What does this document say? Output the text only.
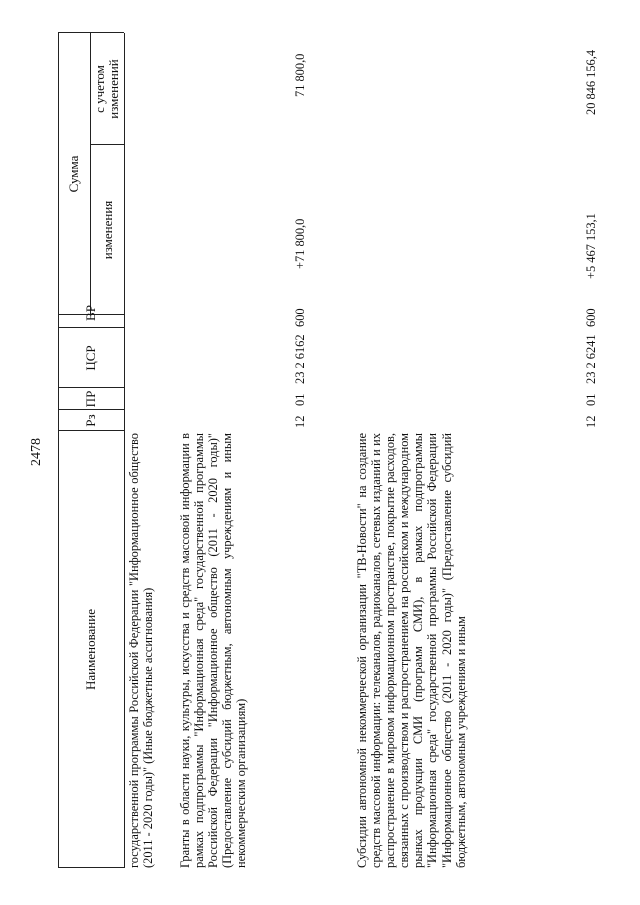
2478
Наименование
Рз
ПР
ЦСР
ВР
Сумма
изменения
с учетом изменений
государственной программы Российской Федерации "Информационное общество (2011 - 2020 годы)" (Иные бюджетные ассигнования) Гранты в области науки, культуры, искусства и средств массовой информации в рамках подпрограммы "Информационная среда" государственной программы Российской Федерации "Информационное общество (2011 - 2020 годы)" (Предоставление субсидий бюджетным, автономным учреждениям и иным некоммерческим организациям)
12
01
23 2 6162
600
+71 800,0
71 800,0
Субсидии автономной некоммерческой организации "ТВ-Новости" на создание средств массовой информации: телеканалов, радиоканалов, сетевых изданий и их распространение в мировом информационном пространстве, покрытие расходов, связанных с производством и распространением на российском и международном рынках продукции СМИ (программ СМИ), в рамках подпрограммы "Информационная среда" государственной программы Российской Федерации "Информационное общество (2011 - 2020 годы)" (Предоставление субсидий бюджетным, автономным учреждениям и иным
12
01
23 2 6241
600
+5 467 153,1
20 846 156,4
